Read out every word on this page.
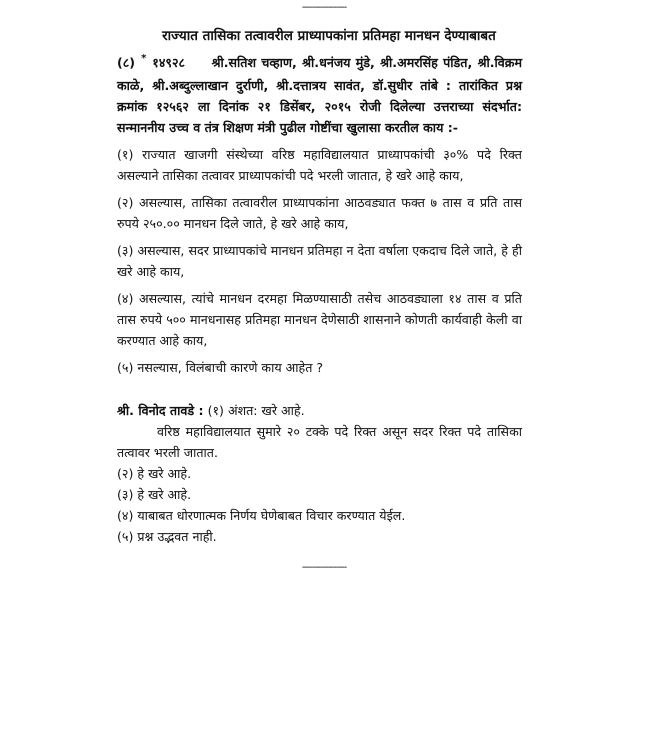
-----------------
राज्यात तासिका तत्वावरील प्राध्यापकांना प्रतिमहा मानधन देण्याबाबत
(८) * १४९२८ श्री.सतिश चव्हाण, श्री.धनंजय मुंडे, श्री.अमरसिंह पंडित, श्री.विक्रम काळे, श्री.अब्दुल्लाखान दुर्राणी, श्री.दत्तात्रय सावंत, डॉ.सुधीर तांबे : तारांकित प्रश्न क्रमांक १२५६२ ला दिनांक २१ डिसेंबर, २०१५ रोजी दिलेल्या उत्तराच्या संदर्भात: सन्माननीय उच्च व तंत्र शिक्षण मंत्री पुढील गोष्टींचा खुलासा करतील काय :-
(१) राज्यात खाजगी संस्थेच्या वरिष्ठ महाविद्यालयात प्राध्यापकांची ३०% पदे रिक्त असल्याने तासिका तत्वावर प्राध्यापकांची पदे भरली जातात, हे खरे आहे काय,
(२) असल्यास, तासिका तत्वावरील प्राध्यापकांना आठवड्यात फक्त ७ तास व प्रति तास रुपये २५०.०० मानधन दिले जाते, हे खरे आहे काय,
(३) असल्यास, सदर प्राध्यापकांचे मानधन प्रतिमहा न देता वर्षाला एकदाच दिले जाते, हे ही खरे आहे काय,
(४) असल्यास, त्यांचे मानधन दरमहा मिळण्यासाठी तसेच आठवड्याला १४ तास व प्रति तास रुपये ५०० मानधनासह प्रतिमहा मानधन देणेसाठी शासनाने कोणती कार्यवाही केली वा करण्यात आहे काय,
(५) नसल्यास, विलंबाची कारणे काय आहेत ?
श्री. विनोद तावडे : (१) अंशत: खरे आहे.
वरिष्ठ महाविद्यालयात सुमारे २० टक्के पदे रिक्त असून सदर रिक्त पदे तासिका तत्वावर भरली जातात.
(२) हे खरे आहे.
(३) हे खरे आहे.
(४) याबाबत धोरणात्मक निर्णय घेणेबाबत विचार करण्यात येईल.
(५) प्रश्न उद्भवत नाही.
-----------------
